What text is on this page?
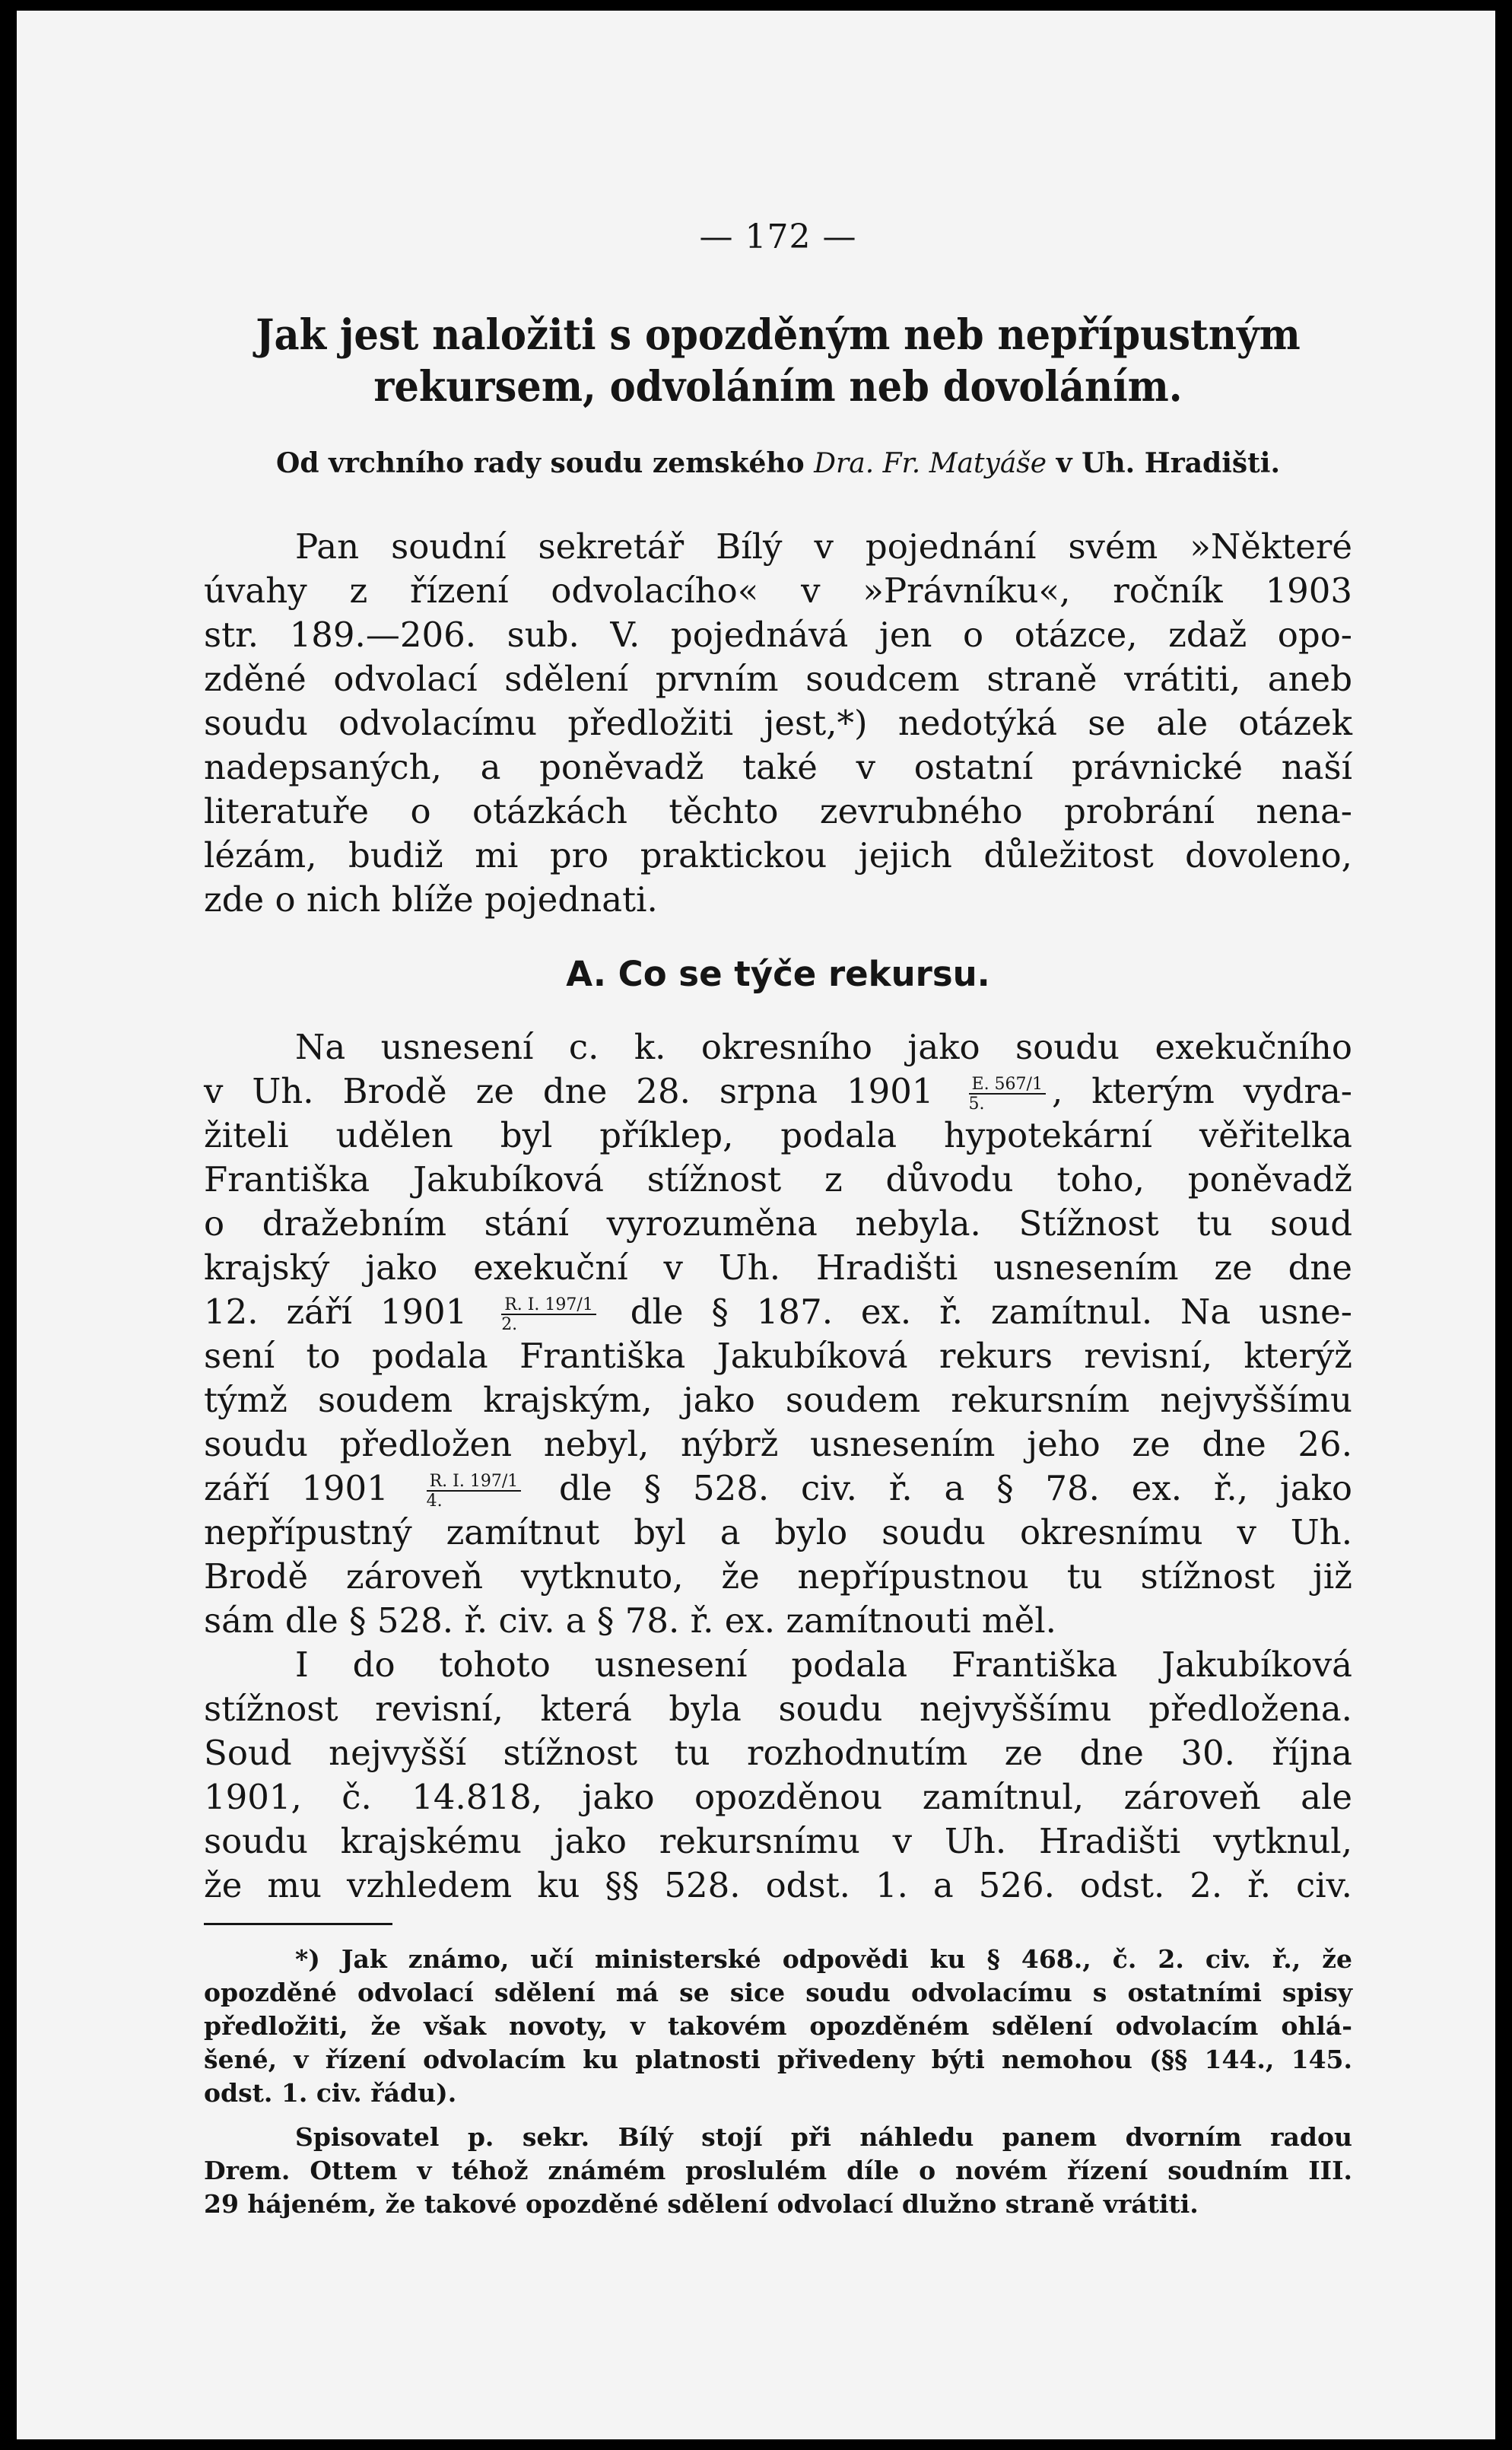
— 172 —
Jak jest naložiti s opozděným neb nepřípustným
rekursem, odvoláním neb dovoláním.
Od vrchního rady soudu zemského Dra. Fr. Matyáše v Uh. Hradišti.
Pan soudní sekretář Bílý v pojednání svém »Některé
úvahy z řízení odvolacího« v »Právníku«, ročník 1903
str. 189.—206. sub. V. pojednává jen o otázce, zdaž opo-
zděné odvolací sdělení prvním soudcem straně vrátiti, aneb
soudu odvolacímu předložiti jest,*) nedotýká se ale otázek
nadepsaných, a poněvadž také v ostatní právnické naší
literatuře o otázkách těchto zevrubného probrání nena-
lézám, budiž mi pro praktickou jejich důležitost dovoleno,
zde o nich blíže pojednati.
A. Co se týče rekursu.
Na usnesení c. k. okresního jako soudu exekučního
v Uh. Brodě ze dne 28. srpna $1901 \frac{E. 567/1}{5.}$ , kterým vydra-
žiteli udělen byl příklep, podala hypotekární věřitelka
Františka Jakubíková stížnost z důvodu toho, poněvadž
o dražebním stání vyrozuměna nebyla. Stížnost tu soud
krajský jako exekuční v Uh. Hradišti usnesením ze dne
12. září $1901 \frac{R. I. 197/1}{2.}$ dle § 187. ex. ř. zamítnul. Na usne-
sení to podala Františka Jakubíková rekurs revisní, kterýž
týmž soudem krajským, jako soudem rekursním nejvyššímu
soudu předložen nebyl, nýbrž usnesením jeho ze dne 26.
září $1901 \frac{R. I. 197/1}{4.}$ dle § 528. civ. ř. a § 78. ex. ř., jako
nepřípustný zamítnut byl a bylo soudu okresnímu v Uh.
Brodě zároveň vytknuto, že nepřípustnou tu stížnost již
sám dle § 528. ř. civ. a § 78. ř. ex. zamítnouti měl.
I do tohoto usnesení podala Františka Jakubíková
stížnost revisní, která byla soudu nejvyššímu předložena.
Soud nejvyšší stížnost tu rozhodnutím ze dne 30. října
1901, č. 14.818, jako opozděnou zamítnul, zároveň ale
soudu krajskému jako rekursnímu v Uh. Hradišti vytknul,
že mu vzhledem ku §§ 528. odst. 1. a 526. odst. 2. ř. civ.
*) Jak známo, učí ministerské odpovědi ku § 468., č. 2. civ. ř., že
opozděné odvolací sdělení má se sice soudu odvolacímu s ostatními spisy
předložiti, že však novoty, v takovém opozděném sdělení odvolacím ohlá-
šené, v řízení odvolacím ku platnosti přivedeny býti nemohou (§§ 144., 145.
odst. 1. civ. řádu).
Spisovatel p. sekr. Bílý stojí při náhledu panem dvorním radou
Drem. Ottem v téhož známém proslulém díle o novém řízení soudním III.
29 hájeném, že takové opozděné sdělení odvolací dlužno straně vrátiti.
